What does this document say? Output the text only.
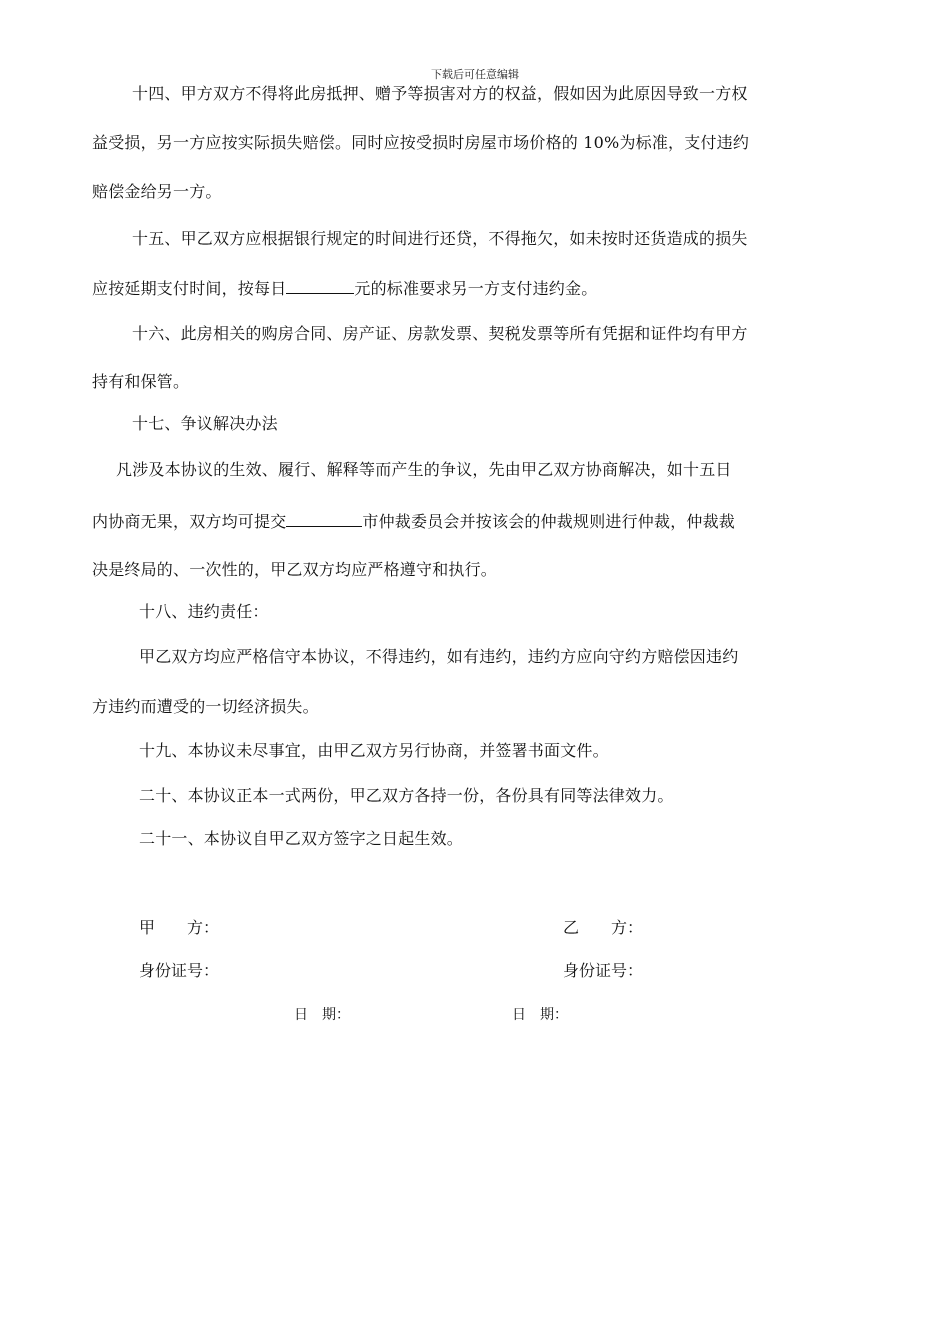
下载后可任意编辑
十四、甲方双方不得将此房抵押、赠予等损害对方的权益，假如因为此原因导致一方权
益受损，另一方应按实际损失赔偿。同时应按受损时房屋市场价格的 10%为标准，支付违约
赔偿金给另一方。
十五、甲乙双方应根据银行规定的时间进行还贷，不得拖欠，如未按时还货造成的损失
应按延期支付时间，按每日	元的标准要求另一方支付违约金。
十六、此房相关的购房合同、房产证、房款发票、契税发票等所有凭据和证件均有甲方
持有和保管。
十七、争议解决办法
凡涉及本协议的生效、履行、解释等而产生的争议，先由甲乙双方协商解决，如十五日
内协商无果，双方均可提交	市仲裁委员会并按该会的仲裁规则进行仲裁，仲裁裁
决是终局的、一次性的，甲乙双方均应严格遵守和执行。
十八、违约责任：
甲乙双方均应严格信守本协议，不得违约，如有违约，违约方应向守约方赔偿因违约
方违约而遭受的一切经济损失。
十九、本协议未尽事宜，由甲乙双方另行协商，并签署书面文件。
二十、本协议正本一式两份，甲乙双方各持一份，各份具有同等法律效力。
二十一、本协议自甲乙双方签字之日起生效。
甲　　方：	乙　　方：
身份证号：	身份证号：
日　期：	日　期：
